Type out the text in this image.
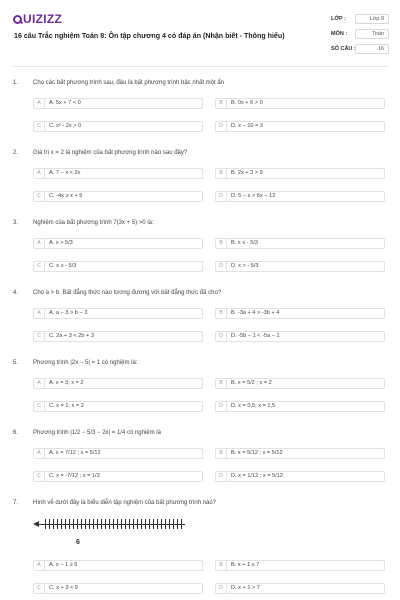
UIZIZZ
16 câu Trắc nghiệm Toán 8: Ôn tập chương 4 có đáp án (Nhận biết - Thông hiểu)
LỚP :	Lớp 8
MÔN :	Toán
SỐ CÂU :	16
1. Cho các bất phương trình sau, đâu là bất phương trình bậc nhất một ẩn
A	A. 5x + 7 < 0	B	B. 0x + 6 > 0
C	C. x² - 2x > 0	D	D. x − 10 = 3
2. Giá trị x = 2 là nghiệm của bất phương trình nào sau đây?
A	A. 7 − x < 2x	B	B. 2x + 3 > 9
C	C. -4x ≥ x + 5	D	D. 5 − x > 6x − 12
3. Nghiệm của bất phương trình 7(3x + 5) >0 là:
A	A. x > 5/3	B	B. x ≤ - 5/3
C	C. x ≥ - 5/3	D	D. x > - 5/3
4. Cho a > b. Bất đẳng thức nào tương đương với bất đẳng thức đã cho?
A	A. a − 3 > b − 3	B	B. -3a + 4 > -3b + 4
C	C. 2a + 3 < 2b + 3	D	D. -5b − 1 < -5a − 1
5. Phương trình |2x − 5| = 1 có nghiệm là:
A	A. x = 3; x = 2	B	B. x = 5/2 ; x = 2
C	C. x = 1; x = 2	D	D. x = 0,5; x = 1,5
6. Phương trình |1/2 − 5/3 − 2x| = 1/4 có nghiệm là
A	A. x = 7/12 ; x = 5/12	B	B. x = 5/12 ; x = 5/12
C	C. x = -7/12 ; x = 1/3	D	D. x = 1/12 ; x = 5/12
7. Hình vẽ dưới đây là biểu diễn tập nghiệm của bất phương trình nào?
6
A	A. x − 1 ≥ 5	B	B. x + 1 ≤ 7
C	C. x + 3 < 9	D	D. x + 1 > 7
